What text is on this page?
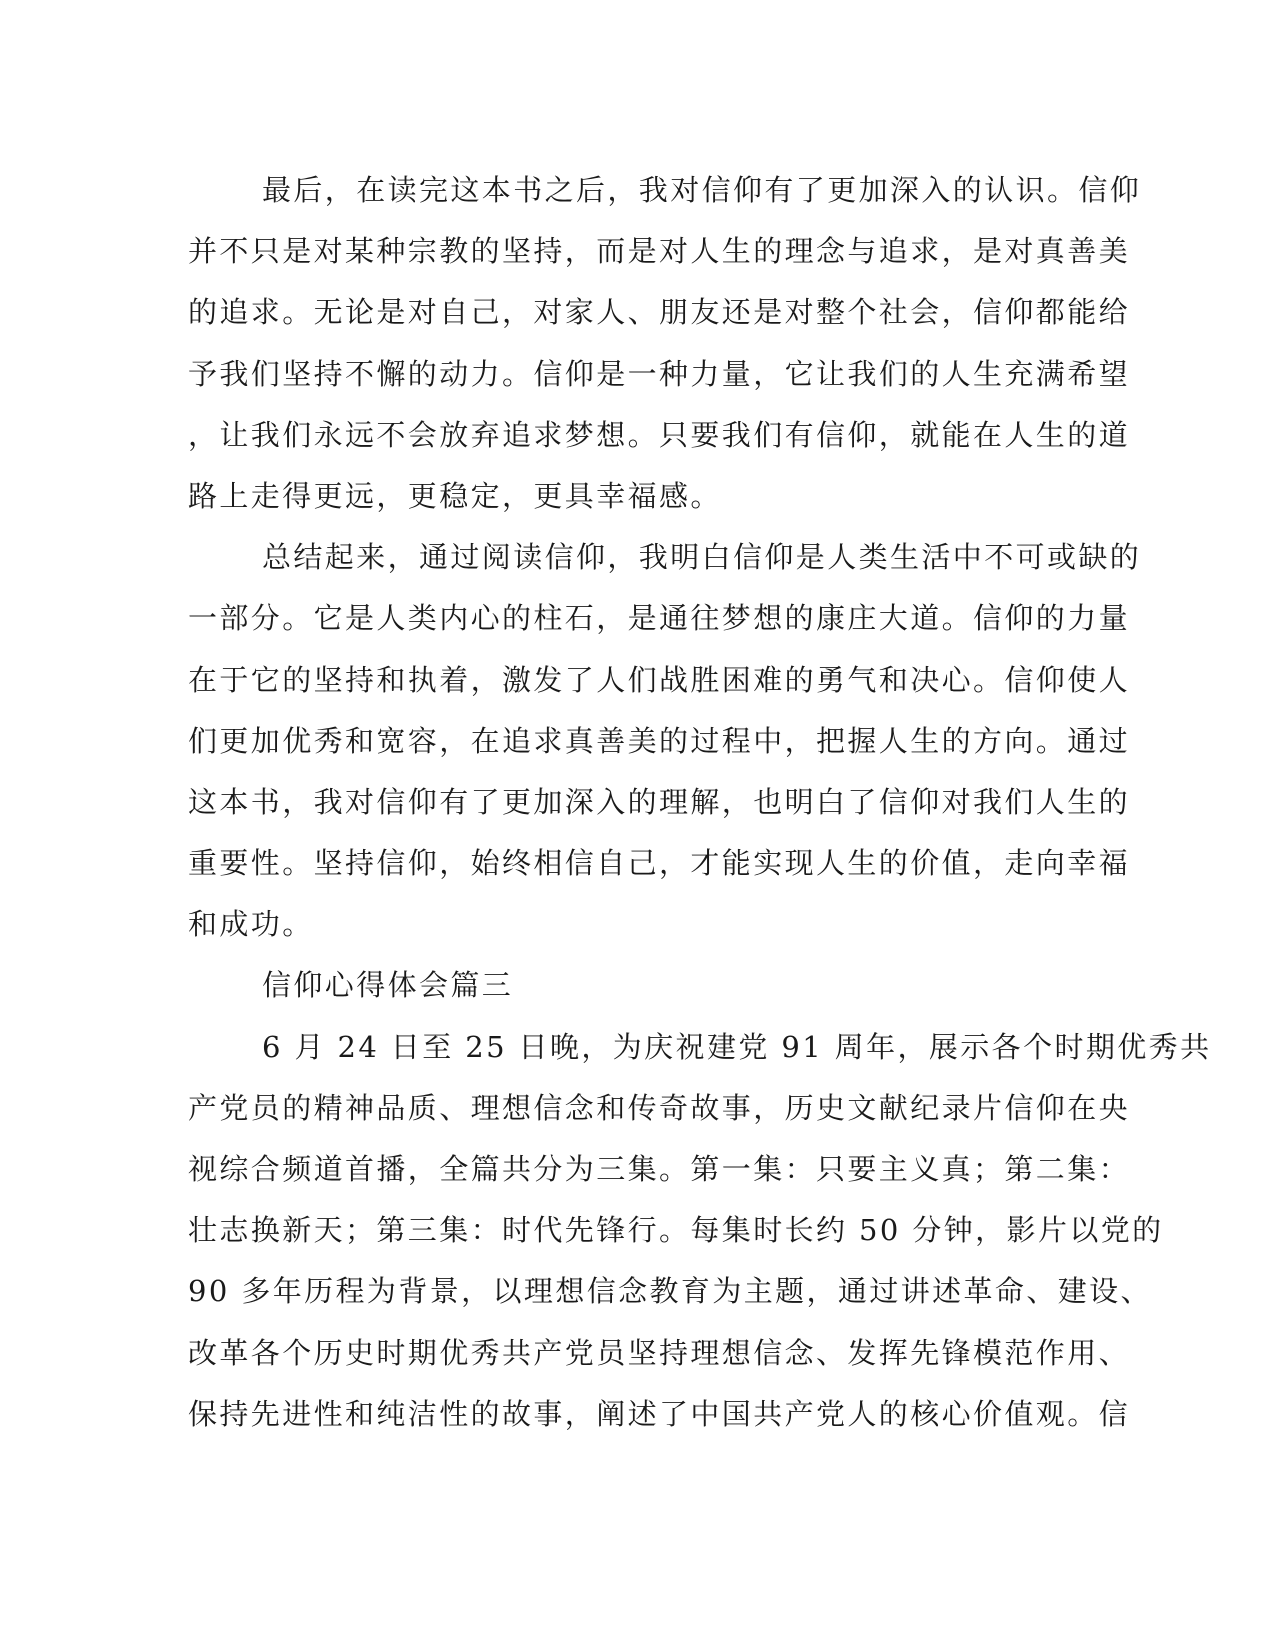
最后，在读完这本书之后，我对信仰有了更加深入的认识。信仰
并不只是对某种宗教的坚持，而是对人生的理念与追求，是对真善美
的追求。无论是对自己，对家人、朋友还是对整个社会，信仰都能给
予我们坚持不懈的动力。信仰是一种力量，它让我们的人生充满希望
，让我们永远不会放弃追求梦想。只要我们有信仰，就能在人生的道
路上走得更远，更稳定，更具幸福感。
总结起来，通过阅读信仰，我明白信仰是人类生活中不可或缺的
一部分。它是人类内心的柱石，是通往梦想的康庄大道。信仰的力量
在于它的坚持和执着，激发了人们战胜困难的勇气和决心。信仰使人
们更加优秀和宽容，在追求真善美的过程中，把握人生的方向。通过
这本书，我对信仰有了更加深入的理解，也明白了信仰对我们人生的
重要性。坚持信仰，始终相信自己，才能实现人生的价值，走向幸福
和成功。
信仰心得体会篇三
6 月 24 日至 25 日晚，为庆祝建党 91 周年，展示各个时期优秀共
产党员的精神品质、理想信念和传奇故事，历史文献纪录片信仰在央
视综合频道首播，全篇共分为三集。第一集：只要主义真；第二集：
壮志换新天；第三集：时代先锋行。每集时长约 50 分钟，影片以党的
90 多年历程为背景，以理想信念教育为主题，通过讲述革命、建设、
改革各个历史时期优秀共产党员坚持理想信念、发挥先锋模范作用、
保持先进性和纯洁性的故事，阐述了中国共产党人的核心价值观。信
